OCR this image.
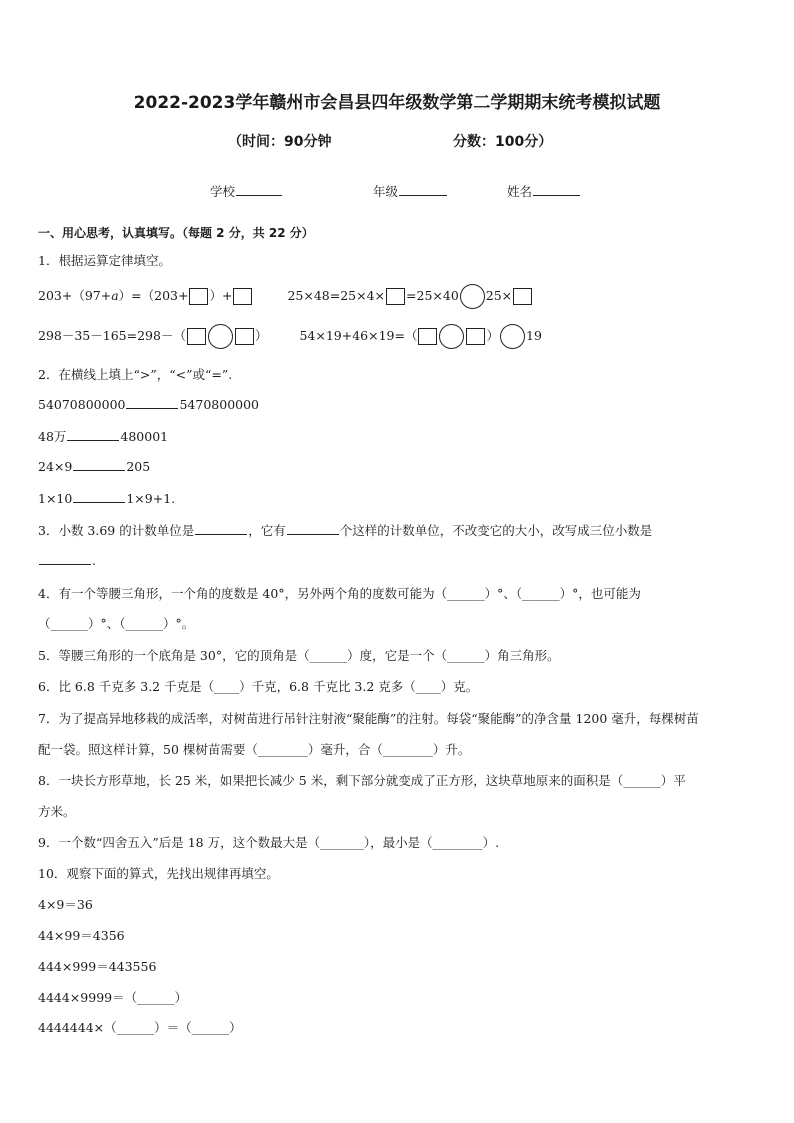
2022-2023学年赣州市会昌县四年级数学第二学期期末统考模拟试题
（时间：90分钟	分数：100分）
学校	年级	姓名
一、用心思考，认真填写。（每题 2 分，共 22 分）
1．根据运算定律填空。
203+（97+a）=（203+ ）+	25×48=25×4× =25×40 25×
298－35－165=298－（	）	54×19+46×19=（	） 19
2．在横线上填上“>”，“<”或“=”.
54070800000	5470800000
48万	480001
24×9	205
1×10	1×9+1.
3．小数 3.69 的计数单位是	，它有	个这样的计数单位，不改变它的大小，改写成三位小数是
.
4．有一个等腰三角形，一个角的度数是 40°，另外两个角的度数可能为（______）°、（______）°，也可能为
（______）°、（______）°。
5．等腰三角形的一个底角是 30°，它的顶角是（______）度，它是一个（______）角三角形。
6．比 6.8 千克多 3.2 千克是（____）千克，6.8 千克比 3.2 克多（____）克。
7．为了提高异地移栽的成活率，对树苗进行吊针注射液“聚能酶”的注射。每袋“聚能酶”的净含量 1200 毫升，每棵树苗
配一袋。照这样计算，50 棵树苗需要（________）毫升，合（________）升。
8．一块长方形草地，长 25 米，如果把长减少 5 米，剩下部分就变成了正方形，这块草地原来的面积是（______）平
方米。
9．一个数“四舍五入”后是 18 万，这个数最大是（_______），最小是（________）.
10．观察下面的算式，先找出规律再填空。
4×9＝36
44×99＝4356
444×999＝443556
4444×9999＝（______）
4444444×（______）＝（______）
